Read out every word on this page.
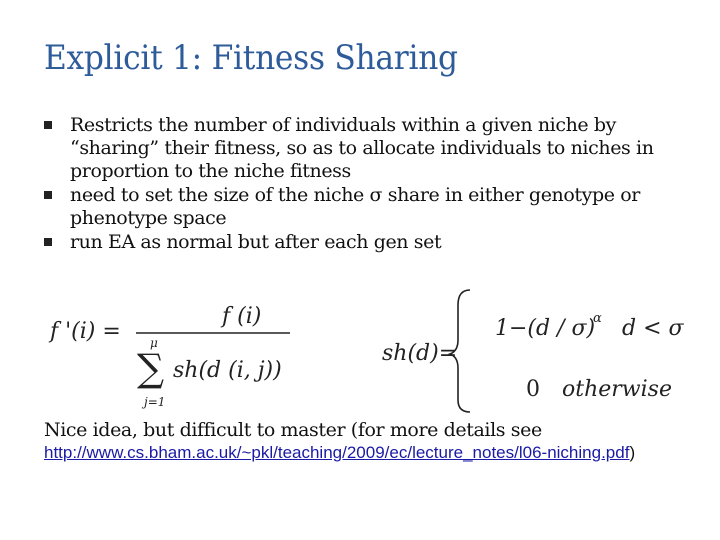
Explicit 1: Fitness Sharing
Restricts the number of individuals within a given niche by “sharing” their fitness, so as to allocate individuals to niches in proportion to the niche fitness
need to set the size of the niche σ share in either genotype or phenotype space
run EA as normal but after each gen set
f '(i) =
f (i)
μ
∑
j=1
sh(d (i, j))
sh(d)=
1−(d / σ)
α d < σ
0 otherwise
Nice idea, but difficult to master (for more details see http://www.cs.bham.ac.uk/~pkl/teaching/2009/ec/lecture_notes/l06-niching.pdf)
